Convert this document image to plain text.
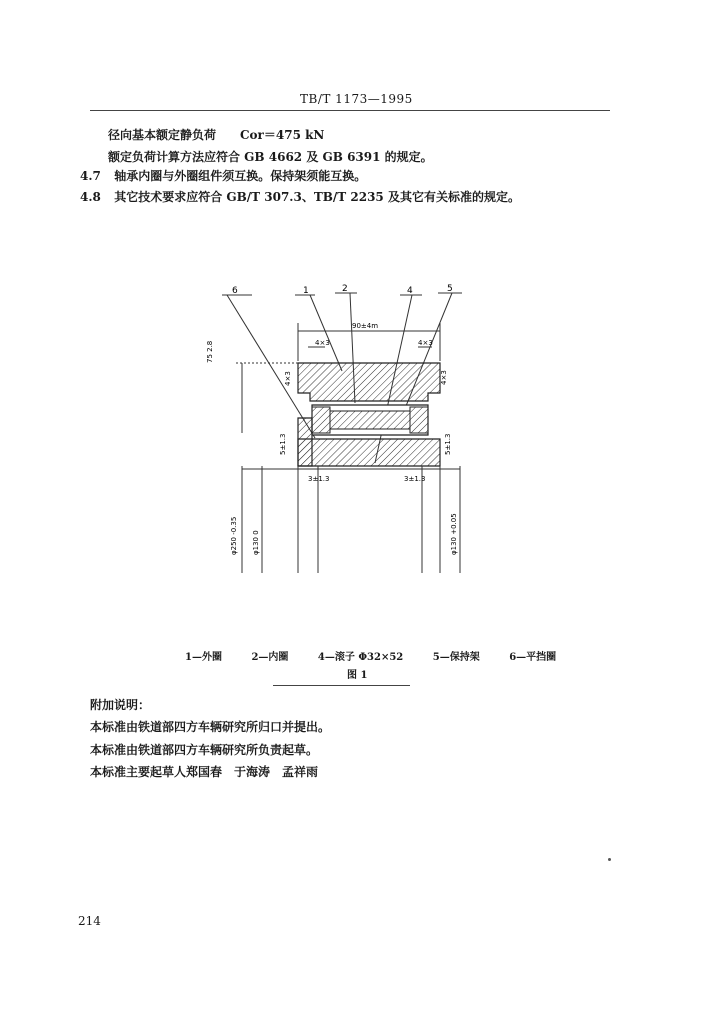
TB/T 1173—1995
径向基本额定静负荷　　Cor＝475 kN
额定负荷计算方法应符合 GB 4662 及 GB 6391 的规定。
4.7 轴承内圈与外圈组件须互换。保持架须能互换。
4.8 其它技术要求应符合 GB/T 307.3、TB/T 2235 及其它有关标准的规定。
6	1	2	4	5
90±4m
4×3	4×3
75 2.8
4×3	4×3
5±1.3	5±1.3
3±1.3	3±1.3
φ250 -0.35 φ130 0	φ130 +0.05
1—外圈	2—内圈	4—滚子 Φ32×52	5—保持架	6—平挡圈
图 1
附加说明：
本标准由铁道部四方车辆研究所归口并提出。
本标准由铁道部四方车辆研究所负责起草。
本标准主要起草人郑国春　于海涛　孟祥雨
214
